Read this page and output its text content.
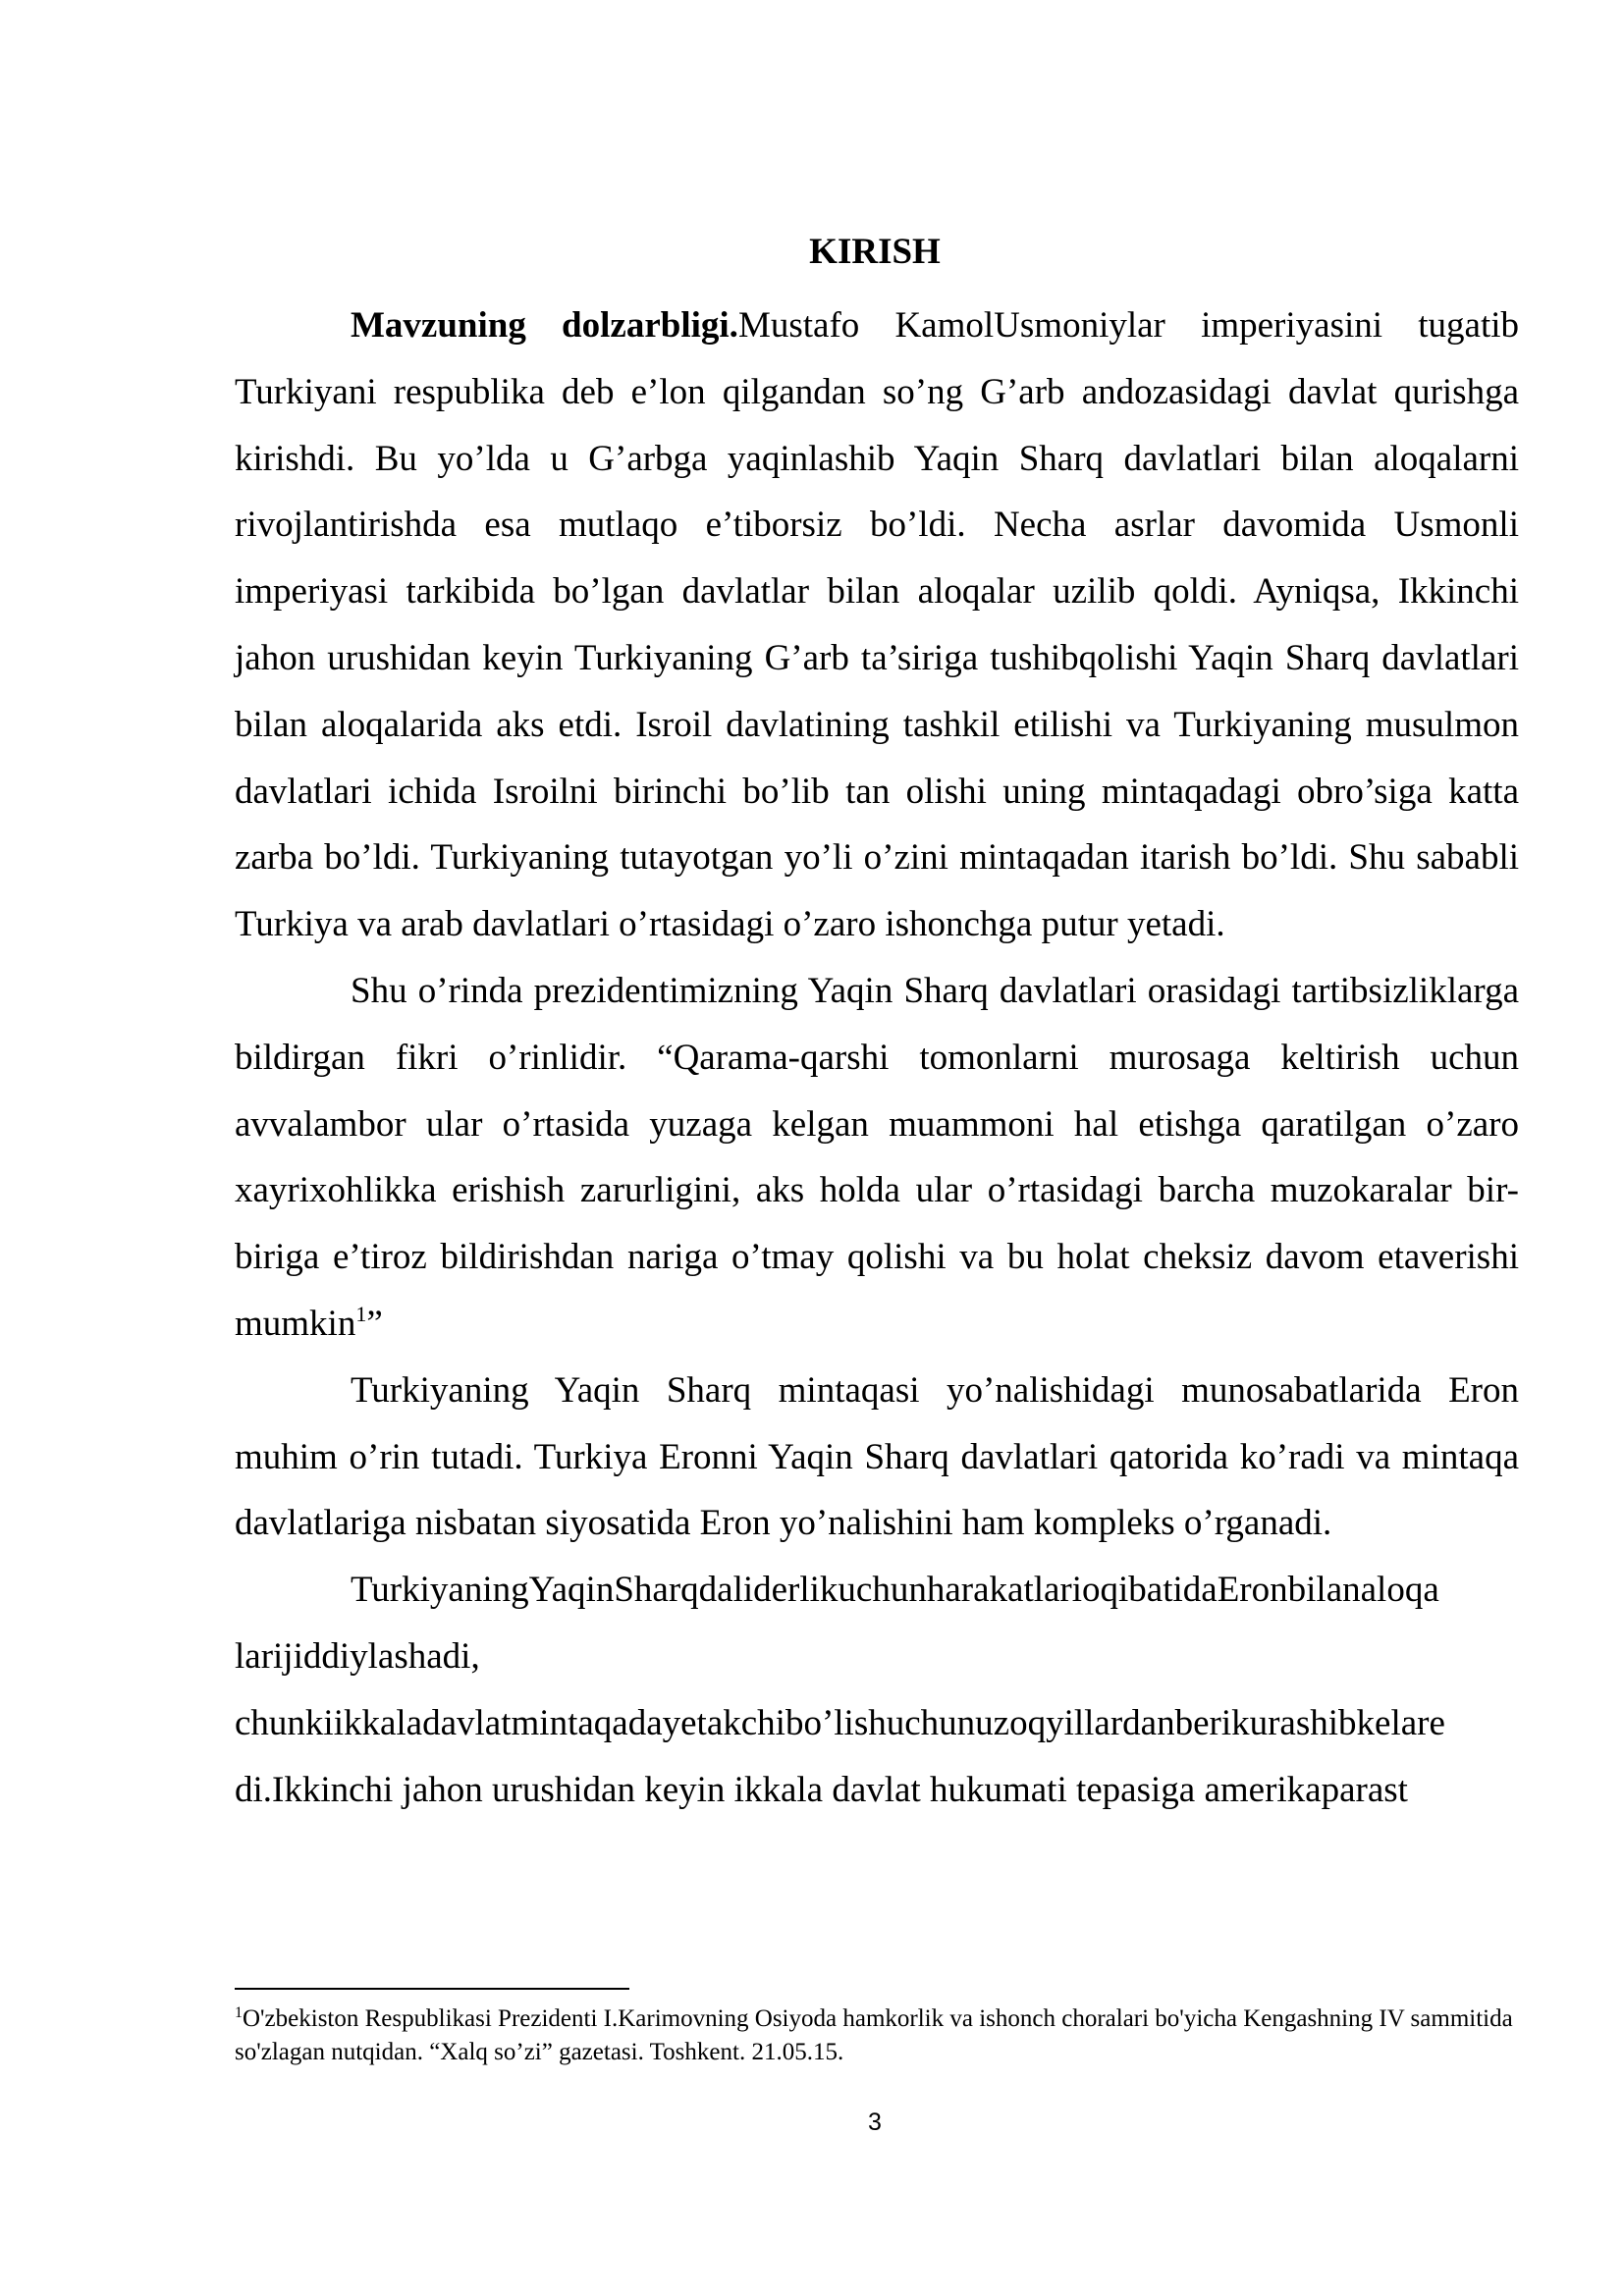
KIRISH

Mavzuning dolzarbligi.Mustafo KamolUsmoniylar imperiyasini tugatib Turkiyani respublika deb e’lon qilgandan so’ng G’arb andozasidagi davlat qurishga kirishdi. Bu yo’lda u G’arbga yaqinlashib Yaqin Sharq davlatlari bilan aloqalarni rivojlantirishda esa mutlaqo e’tiborsiz bo’ldi. Necha asrlar davomida Usmonli imperiyasi tarkibida bo’lgan davlatlar bilan aloqalar uzilib qoldi. Ayniqsa, Ikkinchi jahon urushidan keyin Turkiyaning G’arb ta’siriga tushibqolishi Yaqin Sharq davlatlari bilan aloqalarida aks etdi. Isroil davlatining tashkil etilishi va Turkiyaning musulmon davlatlari ichida Isroilni birinchi bo’lib tan olishi uning mintaqadagi obro’siga katta zarba bo’ldi. Turkiyaning tutayotgan yo’li o’zini mintaqadan itarish bo’ldi. Shu sababli Turkiya va arab davlatlari o’rtasidagi o’zaro ishonchga putur yetadi.

Shu o’rinda prezidentimizning Yaqin Sharq davlatlari orasidagi tartibsizliklarga bildirgan fikri o’rinlidir. “Qarama-qarshi tomonlarni murosaga keltirish uchun avvalambor ular o’rtasida yuzaga kelgan muammoni hal etishga qaratilgan o’zaro xayrixohlikka erishish zarurligini, aks holda ular o’rtasidagi barcha muzokaralar bir-biriga e’tiroz bildirishdan nariga o’tmay qolishi va bu holat cheksiz davom etaverishi mumkin$^1$”

Turkiyaning Yaqin Sharq mintaqasi yo’nalishidagi munosabatlarida Eron muhim o’rin tutadi. Turkiya Eronni Yaqin Sharq davlatlari qatorida ko’radi va mintaqa davlatlariga nisbatan siyosatida Eron yo’nalishini ham kompleks o’rganadi.

TurkiyaningYaqinSharqdaliderlikuchunharakatlarioqibatidaEronbilanaloqa
larijiddiylashadi,
chunkiikkaladavlatmintaqadayetakchibo’lishuchunuzoqyillardanberikurashibkelare
di.Ikkinchi jahon urushidan keyin ikkala davlat hukumati tepasiga amerikaparast

$^1$O'zbekiston Respublikasi Prezidenti I.Karimovning Osiyoda hamkorlik va ishonch choralari bo'yicha Kengashning IV sammitida so'zlagan nutqidan. “Xalq so’zi” gazetasi. Toshkent. 21.05.15.

3
